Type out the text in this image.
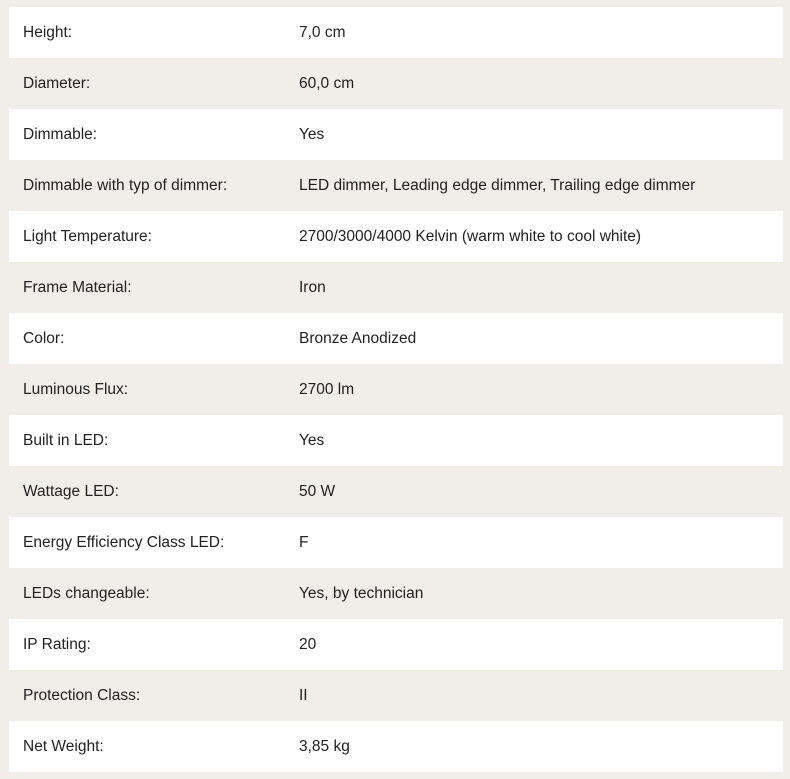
Height:	7,0 cm
Diameter:	60,0 cm
Dimmable:	Yes
Dimmable with typ of dimmer:	LED dimmer, Leading edge dimmer, Trailing edge dimmer
Light Temperature:	2700/3000/4000 Kelvin (warm white to cool white)
Frame Material:	Iron
Color:	Bronze Anodized
Luminous Flux:	2700 lm
Built in LED:	Yes
Wattage LED:	50 W
Energy Efficiency Class LED:	F
LEDs changeable:	Yes, by technician
IP Rating:	20
Protection Class:	II
Net Weight:	3,85 kg
